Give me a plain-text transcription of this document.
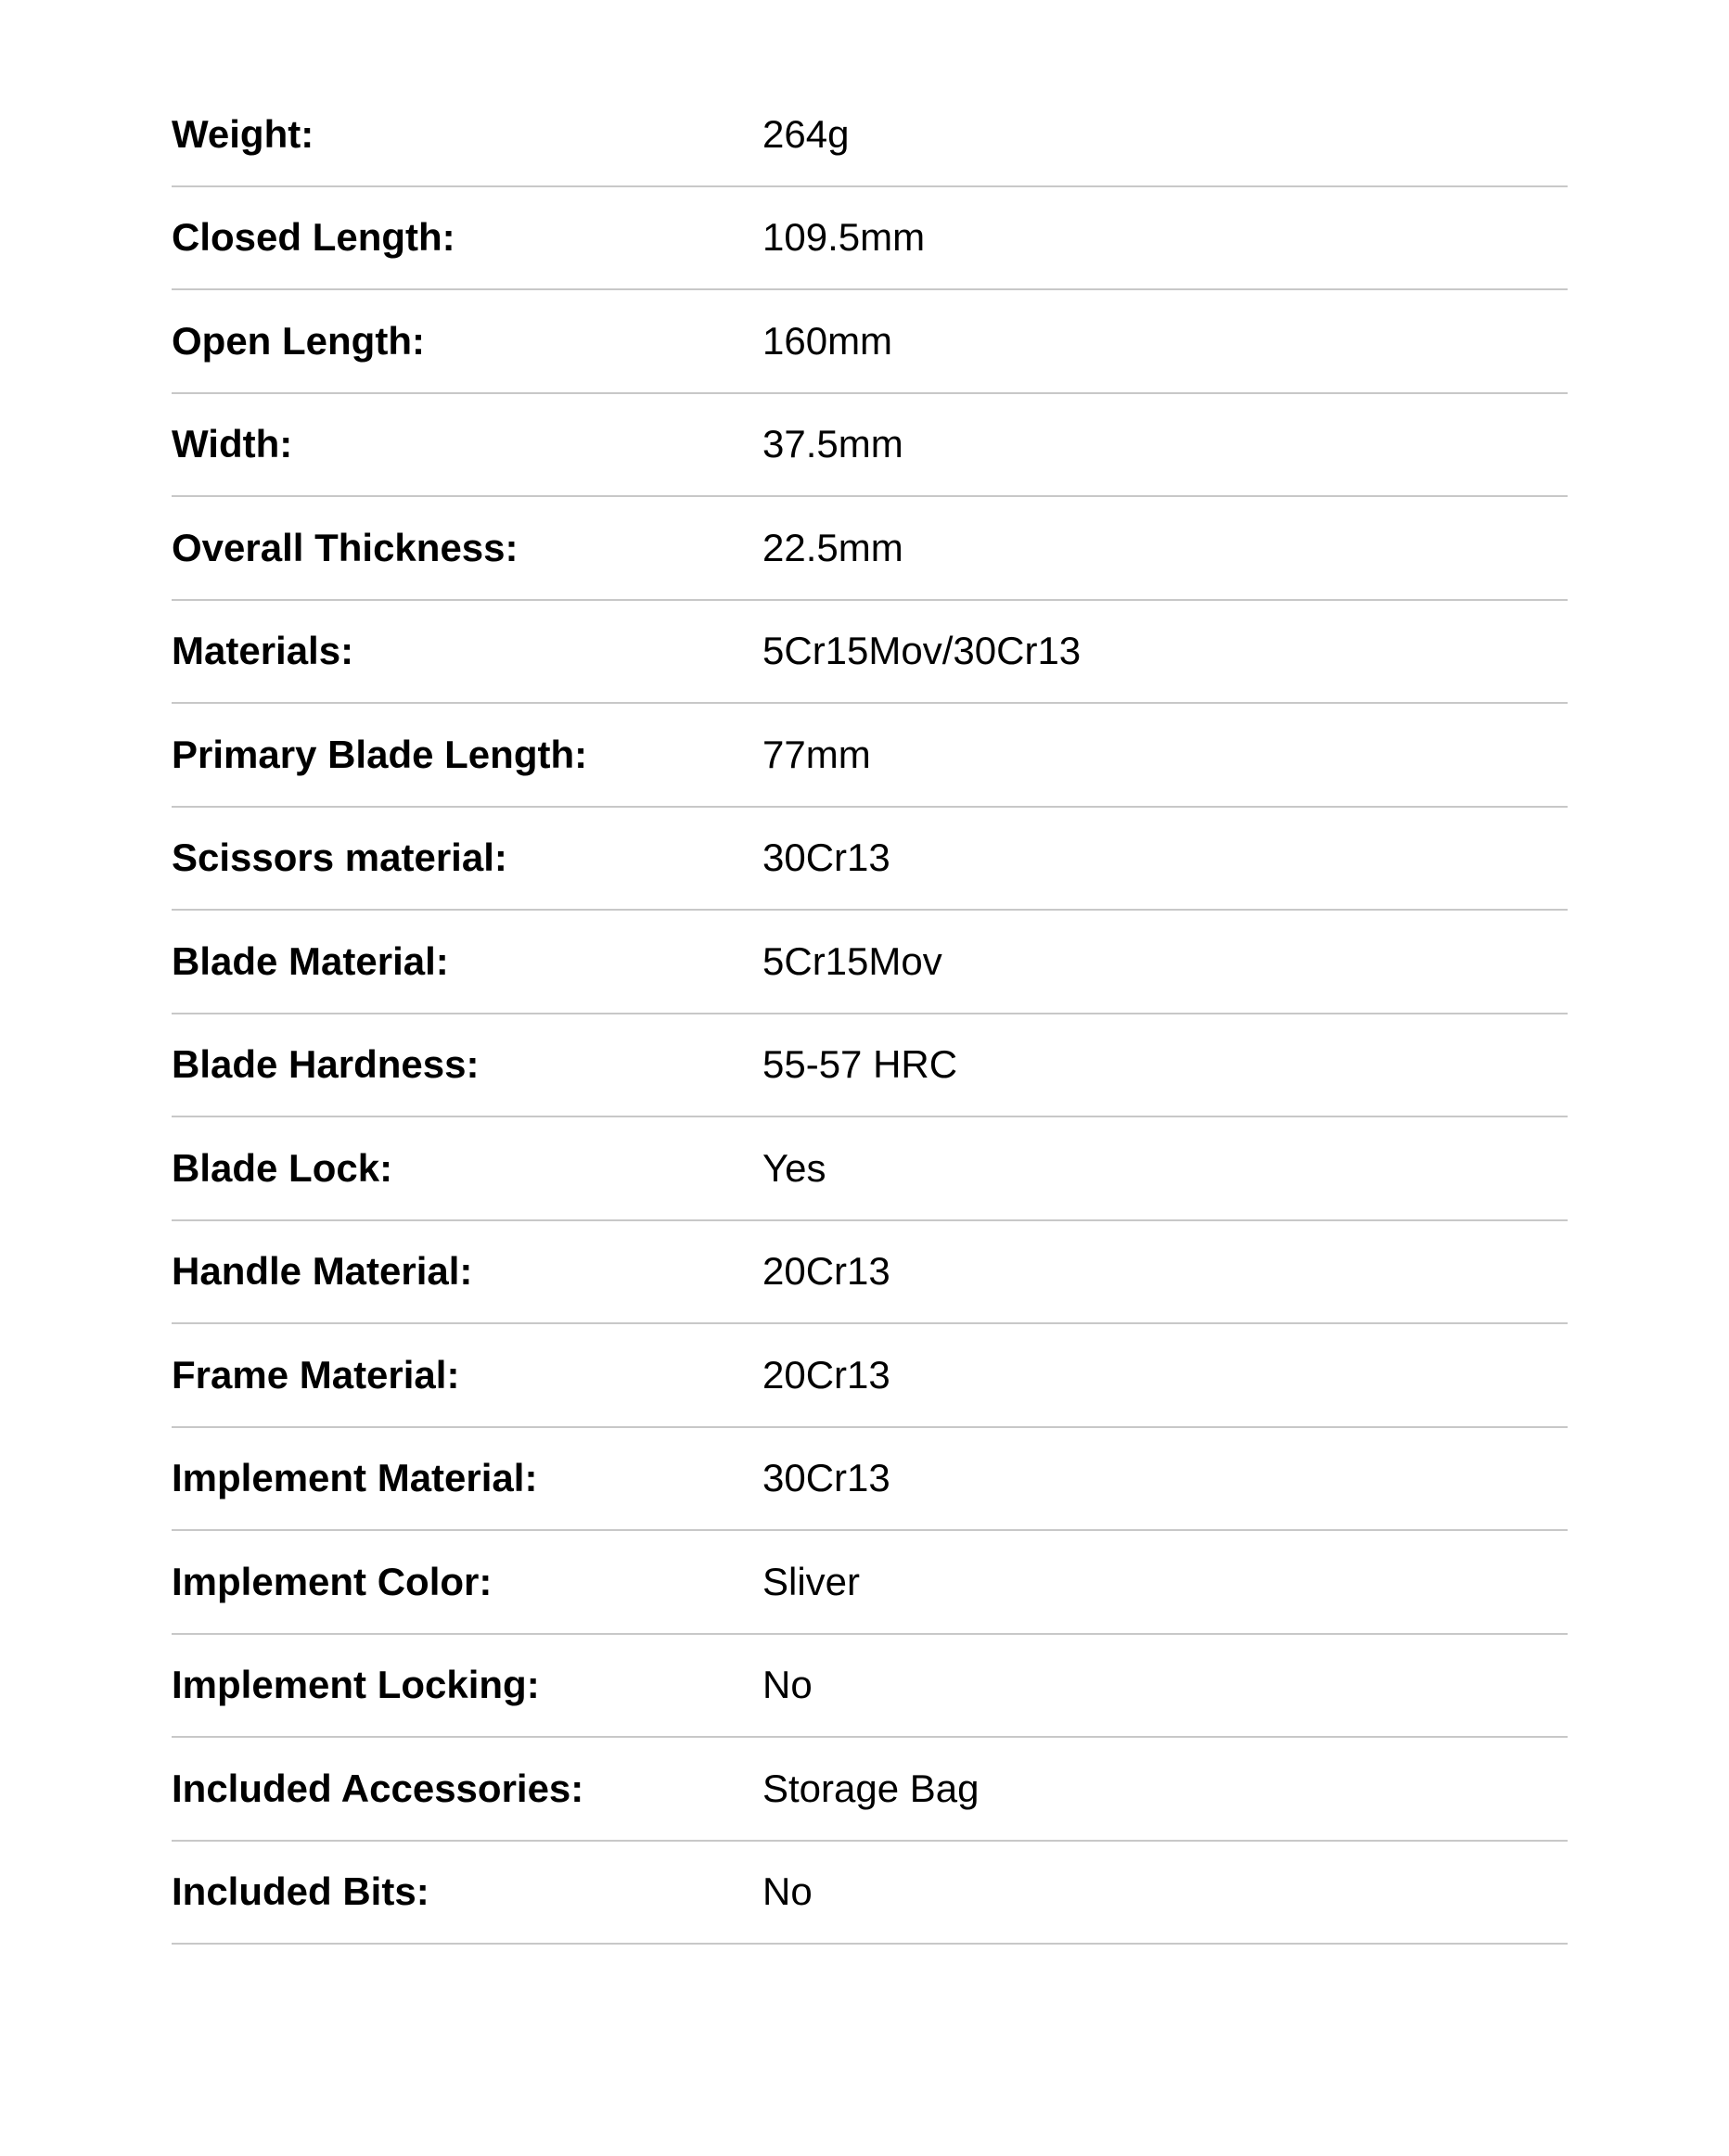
Weight:	264g
Closed Length:	109.5mm
Open Length:	160mm
Width:	37.5mm
Overall Thickness:	22.5mm
Materials:	5Cr15Mov/30Cr13
Primary Blade Length:	77mm
Scissors material:	30Cr13
Blade Material:	5Cr15Mov
Blade Hardness:	55-57 HRC
Blade Lock:	Yes
Handle Material:	20Cr13
Frame Material:	20Cr13
Implement Material:	30Cr13
Implement Color:	Sliver
Implement Locking:	No
Included Accessories:	Storage Bag
Included Bits:	No
